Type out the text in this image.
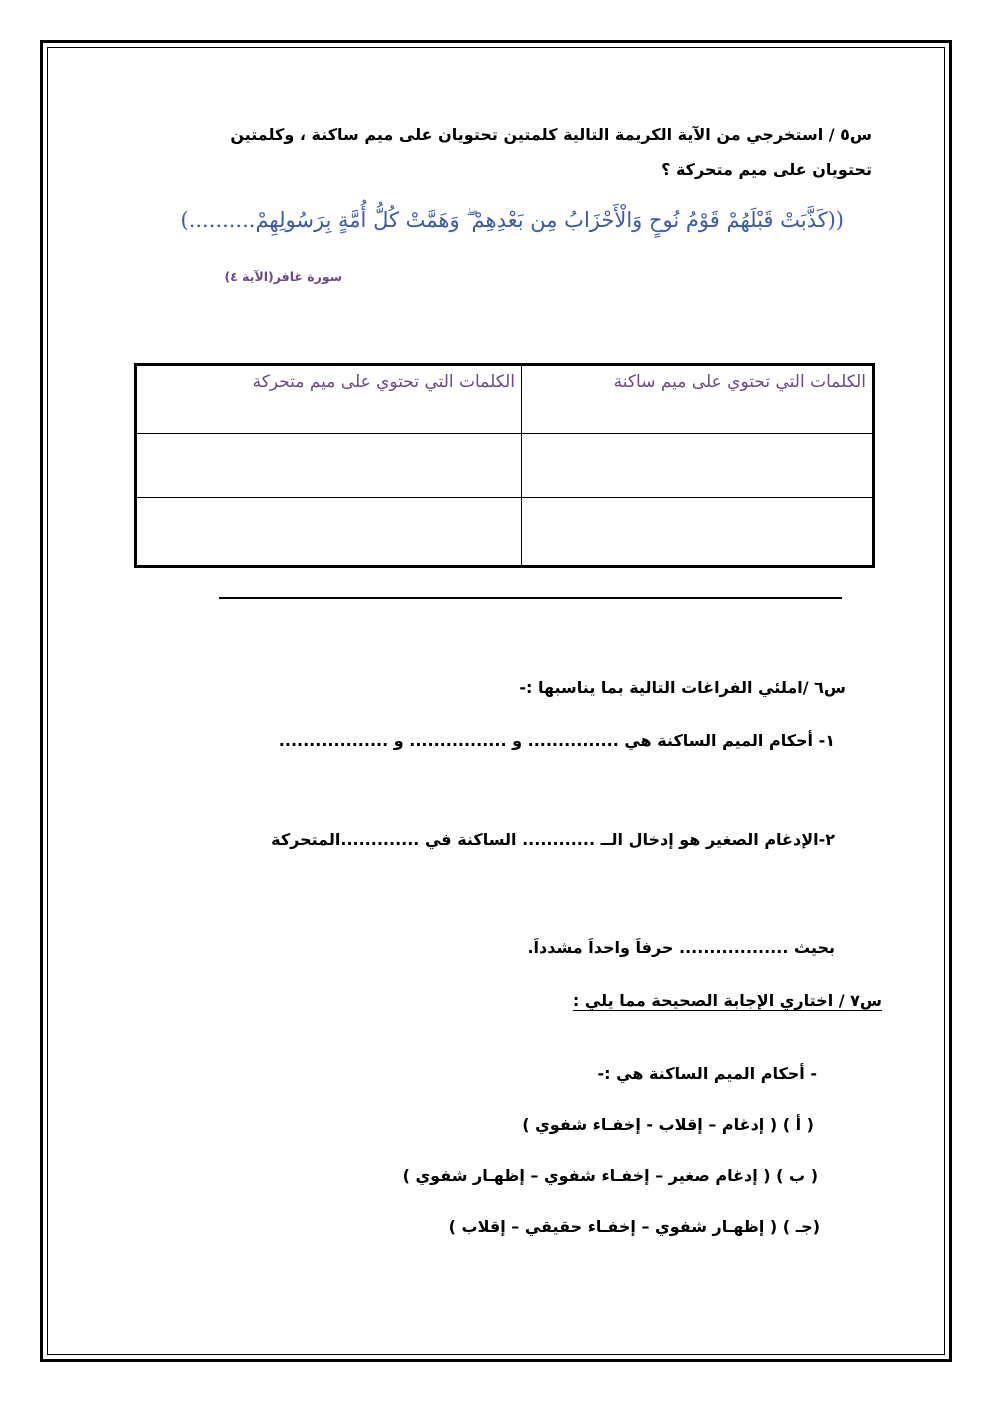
س٥ / استخرجي من الآية الكريمة التالية كلمتين تحتويان على ميم ساكنة ، وكلمتين
تحتويان على ميم متحركة ؟
((كَذَّبَتْ قَبْلَهُمْ قَوْمُ نُوحٍ وَالْأَحْزَابُ مِن بَعْدِهِمْ ۖ وَهَمَّتْ كُلُّ أُمَّةٍ بِرَسُولِهِمْ..........)
سورة غافر(الآية ٤)
الكلمات التي تحتوي على ميم ساكنة	الكلمات التي تحتوي على ميم متحركة

س٦ /املئي الفراغات التالية بما يناسبها :-
١- أحكام الميم الساكنة هي ............... و ................ و ..................
٢-الإدغام الصغير هو إدخال الــ ............ الساكنة في .............المتحركة
بحيث .................. حرفاَ واحداَ مشدداَ.
س٧ / اختاري الإجابة الصحيحة مما يلي :
- أحكام الميم الساكنة هي :-
( أ ) ( إدغام – إقلاب - إخفـاء شفوي )
( ب ) ( إدغام صغير – إخفـاء شفوي – إظهـار شفوي )
(جـ ) ( إظهـار شفوي – إخفـاء حقيقي – إقلاب )
